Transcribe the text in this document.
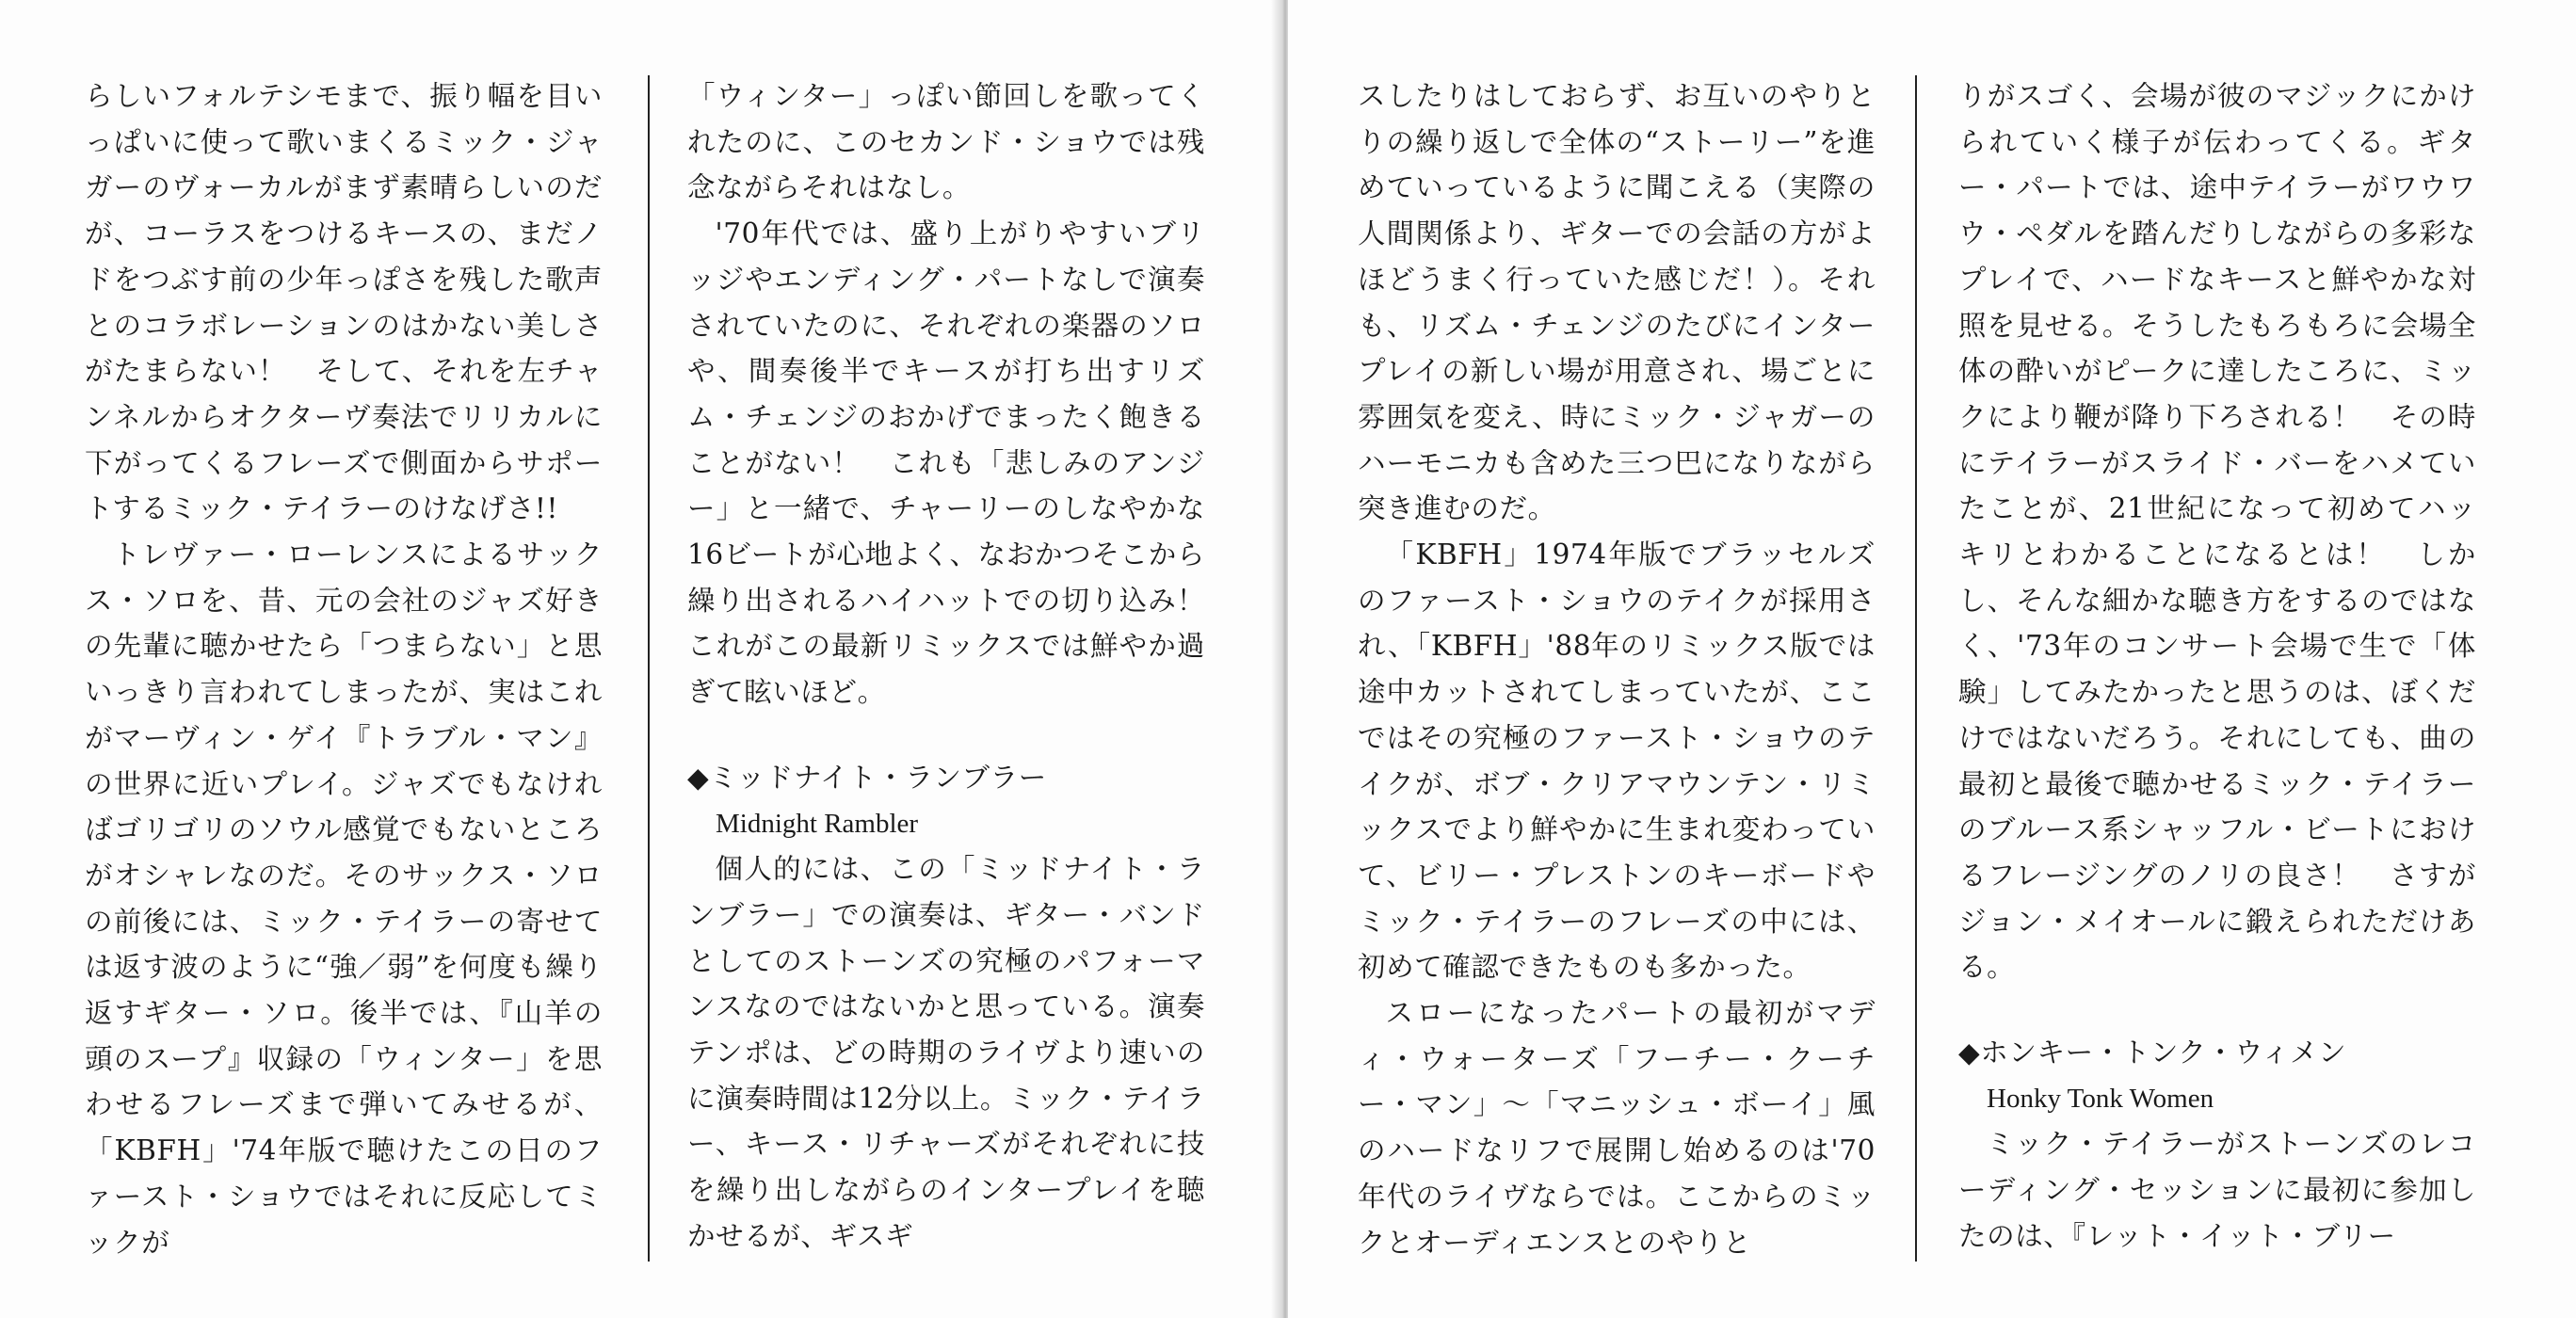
らしいフォルテシモまで、振り幅を目いっぱいに使って歌いまくるミック・ジャガーのヴォーカルがまず素晴らしいのだが、コーラスをつけるキースの、まだノドをつぶす前の少年っぽさを残した歌声とのコラボレーションのはかない美しさがたまらない！　そして、それを左チャンネルからオクターヴ奏法でリリカルに下がってくるフレーズで側面からサポートするミック・テイラーのけなげさ!!

トレヴァー・ローレンスによるサックス・ソロを、昔、元の会社のジャズ好きの先輩に聴かせたら「つまらない」と思いっきり言われてしまったが、実はこれがマーヴィン・ゲイ『トラブル・マン』の世界に近いプレイ。ジャズでもなければゴリゴリのソウル感覚でもないところがオシャレなのだ。そのサックス・ソロの前後には、ミック・テイラーの寄せては返す波のように“強／弱”を何度も繰り返すギター・ソロ。後半では、『山羊の頭のスープ』収録の「ウィンター」を思わせるフレーズまで弾いてみせるが、「KBFH」'74年版で聴けたこの日のファースト・ショウではそれに反応してミックが

「ウィンター」っぽい節回しを歌ってくれたのに、このセカンド・ショウでは残念ながらそれはなし。

'70年代では、盛り上がりやすいブリッジやエンディング・パートなしで演奏されていたのに、それぞれの楽器のソロや、間奏後半でキースが打ち出すリズム・チェンジのおかげでまったく飽きることがない！　これも「悲しみのアンジー」と一緒で、チャーリーのしなやかな16ビートが心地よく、なおかつそこから繰り出されるハイハットでの切り込み！　これがこの最新リミックスでは鮮やか過ぎて眩いほど。

◆ミッドナイト・ランブラー
Midnight Rambler

個人的には、この「ミッドナイト・ランブラー」での演奏は、ギター・バンドとしてのストーンズの究極のパフォーマンスなのではないかと思っている。演奏テンポは、どの時期のライヴより速いのに演奏時間は12分以上。ミック・テイラー、キース・リチャーズがそれぞれに技を繰り出しながらのインタープレイを聴かせるが、ギスギ

スしたりはしておらず、お互いのやりとりの繰り返しで全体の“ストーリー”を進めていっているように聞こえる（実際の人間関係より、ギターでの会話の方がよほどうまく行っていた感じだ！）。それも、リズム・チェンジのたびにインタープレイの新しい場が用意され、場ごとに雰囲気を変え、時にミック・ジャガーのハーモニカも含めた三つ巴になりながら突き進むのだ。

「KBFH」1974年版でブラッセルズのファースト・ショウのテイクが採用され、「KBFH」'88年のリミックス版では途中カットされてしまっていたが、ここではその究極のファースト・ショウのテイクが、ボブ・クリアマウンテン・リミックスでより鮮やかに生まれ変わっていて、ビリー・プレストンのキーボードやミック・テイラーのフレーズの中には、初めて確認できたものも多かった。

スローになったパートの最初がマディ・ウォーターズ「フーチー・クーチー・マン」〜「マニッシュ・ボーイ」風のハードなリフで展開し始めるのは'70年代のライヴならでは。ここからのミックとオーディエンスとのやりと

りがスゴく、会場が彼のマジックにかけられていく様子が伝わってくる。ギター・パートでは、途中テイラーがワウワウ・ペダルを踏んだりしながらの多彩なプレイで、ハードなキースと鮮やかな対照を見せる。そうしたもろもろに会場全体の酔いがピークに達したころに、ミックにより鞭が降り下ろされる！　その時にテイラーがスライド・バーをハメていたことが、21世紀になって初めてハッキリとわかることになるとは！　しかし、そんな細かな聴き方をするのではなく、'73年のコンサート会場で生で「体験」してみたかったと思うのは、ぼくだけではないだろう。それにしても、曲の最初と最後で聴かせるミック・テイラーのブルース系シャッフル・ビートにおけるフレージングのノリの良さ！　さすがジョン・メイオールに鍛えられただけある。

◆ホンキー・トンク・ウィメン
Honky Tonk Women

ミック・テイラーがストーンズのレコーディング・セッションに最初に参加したのは、『レット・イット・ブリー
